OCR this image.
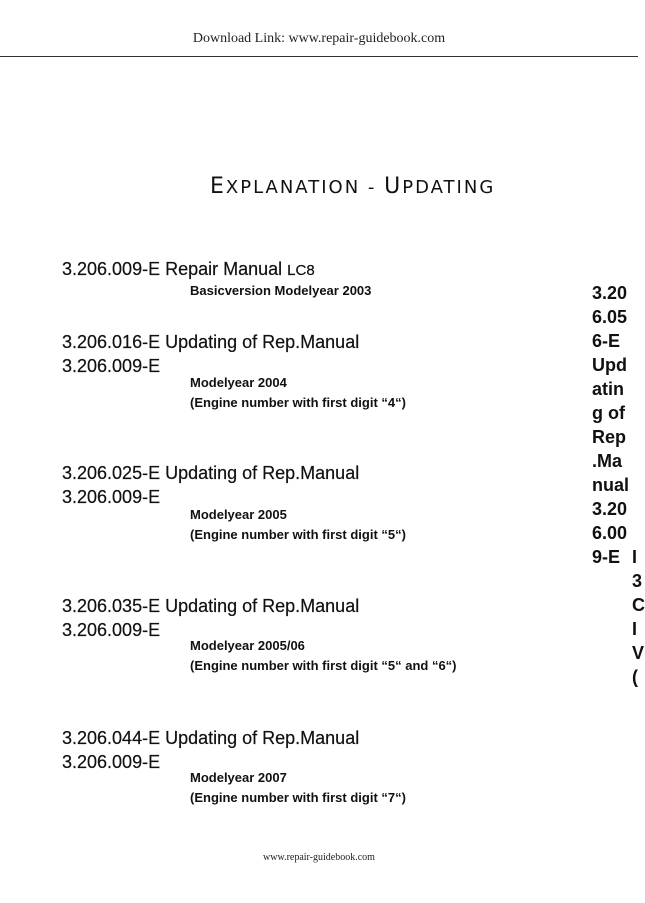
Download Link: www.repair-guidebook.com
EXPLANATION - UPDATING
3.206.009-E Repair Manual LC8
Basicversion Modelyear 2003
3.206.016-E Updating of Rep.Manual
3.206.009-E
Modelyear 2004
(Engine number with first digit “4“)
3.206.025-E Updating of Rep.Manual
3.206.009-E
Modelyear 2005
(Engine number with first digit “5“)
3.206.035-E Updating of Rep.Manual
3.206.009-E
Modelyear 2005/06
(Engine number with first digit “5“ and “6“)
3.206.044-E Updating of Rep.Manual
3.206.009-E
Modelyear 2007
(Engine number with first digit “7“)
3.20
6.05
6-E
Upd
atin
g of
Rep
.Ma
nual
3.20
6.00
9-E I
3
C
I
V
(
www.repair-guidebook.com
